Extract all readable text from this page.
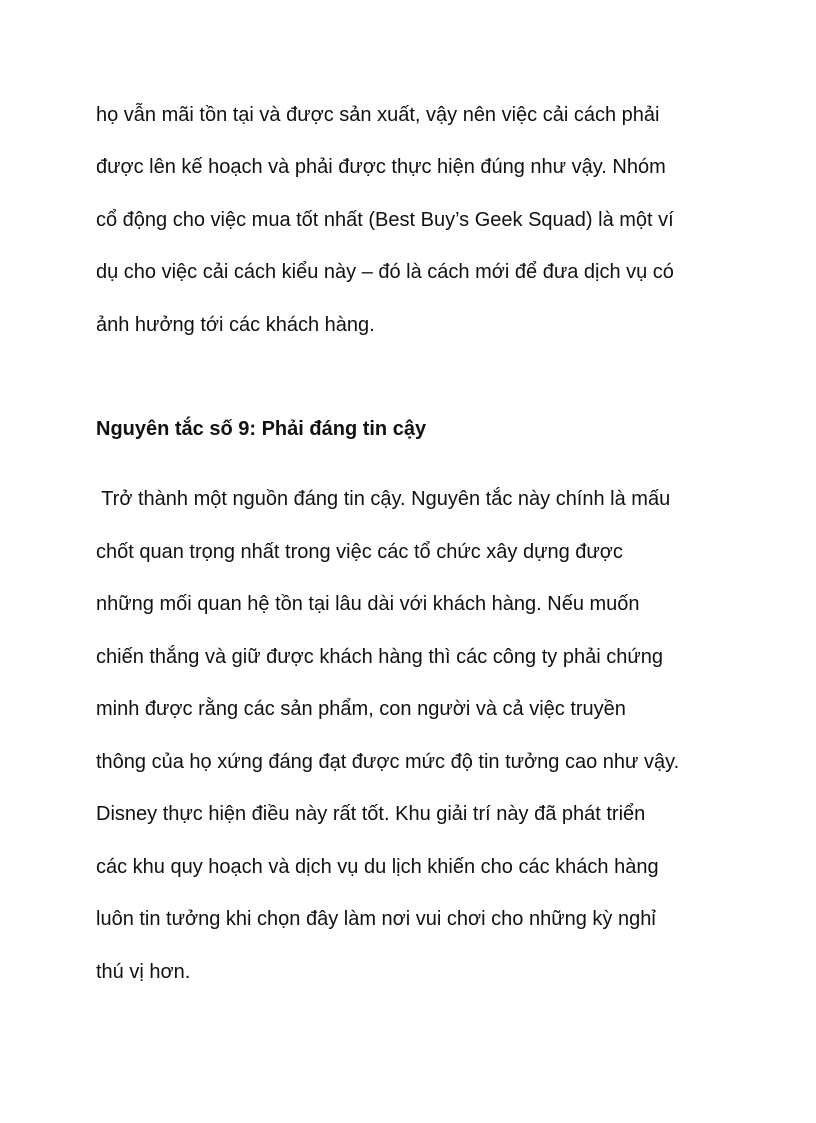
họ vẫn mãi tồn tại và được sản xuất, vậy nên việc cải cách phải
được lên kế hoạch và phải được thực hiện đúng như vậy. Nhóm
cổ động cho việc mua tốt nhất (Best Buy’s Geek Squad) là một ví
dụ cho việc cải cách kiểu này – đó là cách mới để đưa dịch vụ có
ảnh hưởng tới các khách hàng.
Nguyên tắc số 9: Phải đáng tin cậy
Trở thành một nguồn đáng tin cậy. Nguyên tắc này chính là mấu
chốt quan trọng nhất trong việc các tổ chức xây dựng được
những mối quan hệ tồn tại lâu dài với khách hàng. Nếu muốn
chiến thắng và giữ được khách hàng thì các công ty phải chứng
minh được rằng các sản phẩm, con người và cả việc truyền
thông của họ xứng đáng đạt được mức độ tin tưởng cao như vậy.
Disney thực hiện điều này rất tốt. Khu giải trí này đã phát triển
các khu quy hoạch và dịch vụ du lịch khiến cho các khách hàng
luôn tin tưởng khi chọn đây làm nơi vui chơi cho những kỳ nghỉ
thú vị hơn.
